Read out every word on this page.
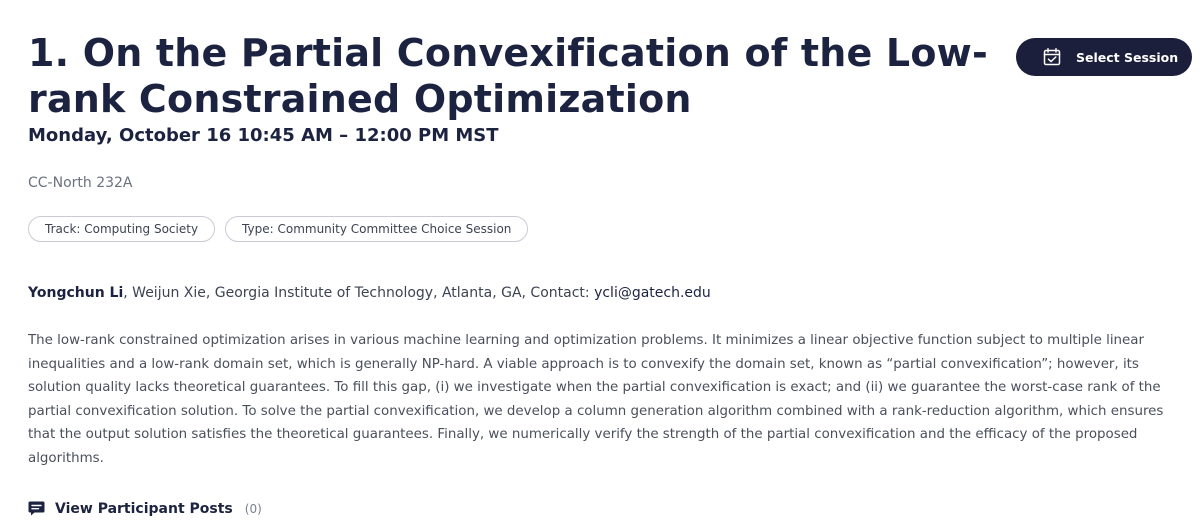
1. On the Partial Convexification of the Low-rank Constrained Optimization
Select Session
Monday, October 16 10:45 AM – 12:00 PM MST
CC-North 232A
Track: Computing Society	Type: Community Committee Choice Session
Yongchun Li, Weijun Xie, Georgia Institute of Technology, Atlanta, GA, Contact: ycli@gatech.edu

The low-rank constrained optimization arises in various machine learning and optimization problems. It minimizes a linear objective function subject to multiple linear inequalities and a low-rank domain set, which is generally NP-hard. A viable approach is to convexify the domain set, known as “partial convexification”; however, its solution quality lacks theoretical guarantees. To fill this gap, (i) we investigate when the partial convexification is exact; and (ii) we guarantee the worst-case rank of the partial convexification solution. To solve the partial convexification, we develop a column generation algorithm combined with a rank-reduction algorithm, which ensures that the output solution satisfies the theoretical guarantees. Finally, we numerically verify the strength of the partial convexification and the efficacy of the proposed algorithms.

View Participant Posts (0)
